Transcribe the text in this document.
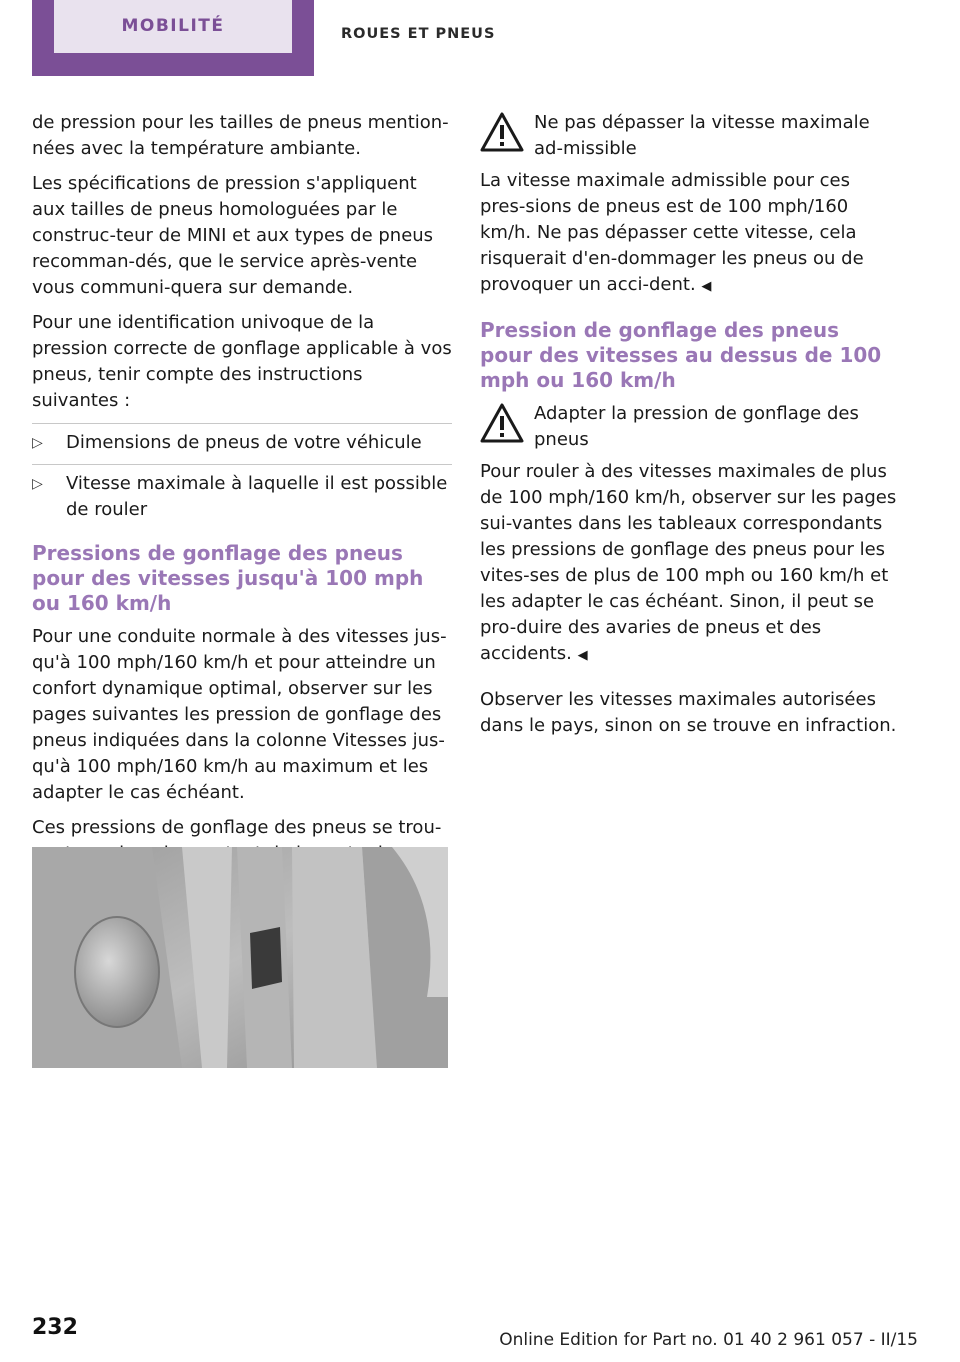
MOBILITÉ	ROUES ET PNEUS

de pression pour les tailles de pneus mention-nées avec la température ambiante.

Les spécifications de pression s'appliquent aux tailles de pneus homologuées par le construc-teur de MINI et aux types de pneus recomman-dés, que le service après-vente vous communi-quera sur demande.

Pour une identification univoque de la pression correcte de gonflage applicable à vos pneus, tenir compte des instructions suivantes :

▷ Dimensions de pneus de votre véhicule
▷ Vitesse maximale à laquelle il est possible de rouler
Pressions de gonflage des pneus pour des vitesses jusqu'à 100 mph ou 160 km/h

Pour une conduite normale à des vitesses jus-qu'à 100 mph/160 km/h et pour atteindre un confort dynamique optimal, observer sur les pages suivantes les pression de gonflage des pneus indiquées dans la colonne Vitesses jus-qu'à 100 mph/160 km/h au maximum et les adapter le cas échéant.

Ces pressions de gonflage des pneus se trou-

Ne pas dépasser la vitesse maximale ad-missible

La vitesse maximale admissible pour ces pres-sions de pneus est de 100 mph/160 km/h. Ne pas dépasser cette vitesse, cela risquerait d'en-dommager les pneus ou de provoquer un acci-dent. ◀

Pression de gonflage des pneus pour des vitesses au dessus de 100 mph ou 160 km/h
Adapter la pression de gonflage des pneus

Pour rouler à des vitesses maximales de plus de 100 mph/160 km/h, observer sur les pages sui-vantes dans les tableaux correspondants les pressions de gonflage des pneus pour les vites-ses de plus de 100 mph ou 160 km/h et les adapter le cas échéant. Sinon, il peut se pro-duire des avaries de pneus et des accidents. ◀

Observer les vitesses maximales autorisées dans le pays, sinon on se trouve en infraction.

232	Online Edition for Part no. 01 40 2 961 057 - II/15
